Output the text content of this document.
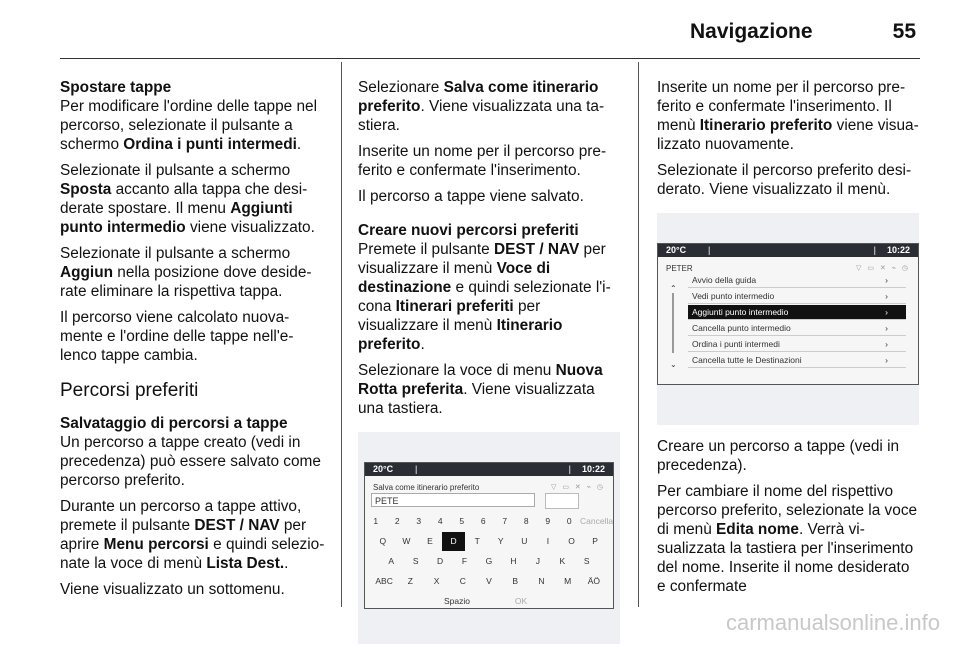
Navigazione	55
Spostare tappe
Per modificare l'ordine delle tappe nel percorso, selezionate il pulsante a schermo Ordina i punti intermedi.
Selezionate il pulsante a schermo Sposta accanto alla tappa che desiderate spostare. Il menu Aggiunti punto intermedio viene visualizzato.
Selezionate il pulsante a schermo Aggiun nella posizione dove desiderate eliminare la rispettiva tappa.
Il percorso viene calcolato nuovamente e l'ordine delle tappe nell'elenco tappe cambia.
Percorsi preferiti
Salvataggio di percorsi a tappe
Un percorso a tappe creato (vedi in precedenza) può essere salvato come percorso preferito.
Durante un percorso a tappe attivo, premete il pulsante DEST / NAV per aprire Menu percorsi e quindi selezionate la voce di menù Lista Dest..
Viene visualizzato un sottomenu.
Selezionare Salva come itinerario preferito. Viene visualizzata una tastiera.
Inserite un nome per il percorso preferito e confermate l'inserimento.
Il percorso a tappe viene salvato.
Creare nuovi percorsi preferiti
Premete il pulsante DEST / NAV per visualizzare il menù Voce di destinazione e quindi selezionate l'icona Itinerari preferiti per visualizzare il menù Itinerario preferito.
Selezionare la voce di menu Nuova Rotta preferita. Viene visualizzata una tastiera.
20°C |	| 10:22
Salva come itinerario preferito	▽ ▭ ✕ ⌁ ◷
PETE
1	2	3	4	5	6	7	8	9	0 Cancella
Q	W	E	D	T	Y	U	I	O	P
A	S	D	F	G	H	J	K	S
ABC	Z	X	C	V	B	N	M	ÄÖ
Spazio	OK
Inserite un nome per il percorso preferito e confermate l'inserimento. Il menù Itinerario preferito viene visualizzato nuovamente.
Selezionate il percorso preferito desiderato. Viene visualizzato il menù.
20°C |	| 10:22
PETER	▽ ▭ ✕ ⌁ ◷
⌃
⌄
Avvio della guida	›
Vedi punto intermedio	›
Aggiunti punto intermedio	›
Cancella punto intermedio	›
Ordina i punti intermedi	›
Cancella tutte le Destinazioni	›
Creare un percorso a tappe (vedi in precedenza).
Per cambiare il nome del rispettivo percorso preferito, selezionate la voce di menù Edita nome. Verrà visualizzata la tastiera per l'inserimento del nome. Inserite il nome desiderato e confermate
carmanualsonline.info
